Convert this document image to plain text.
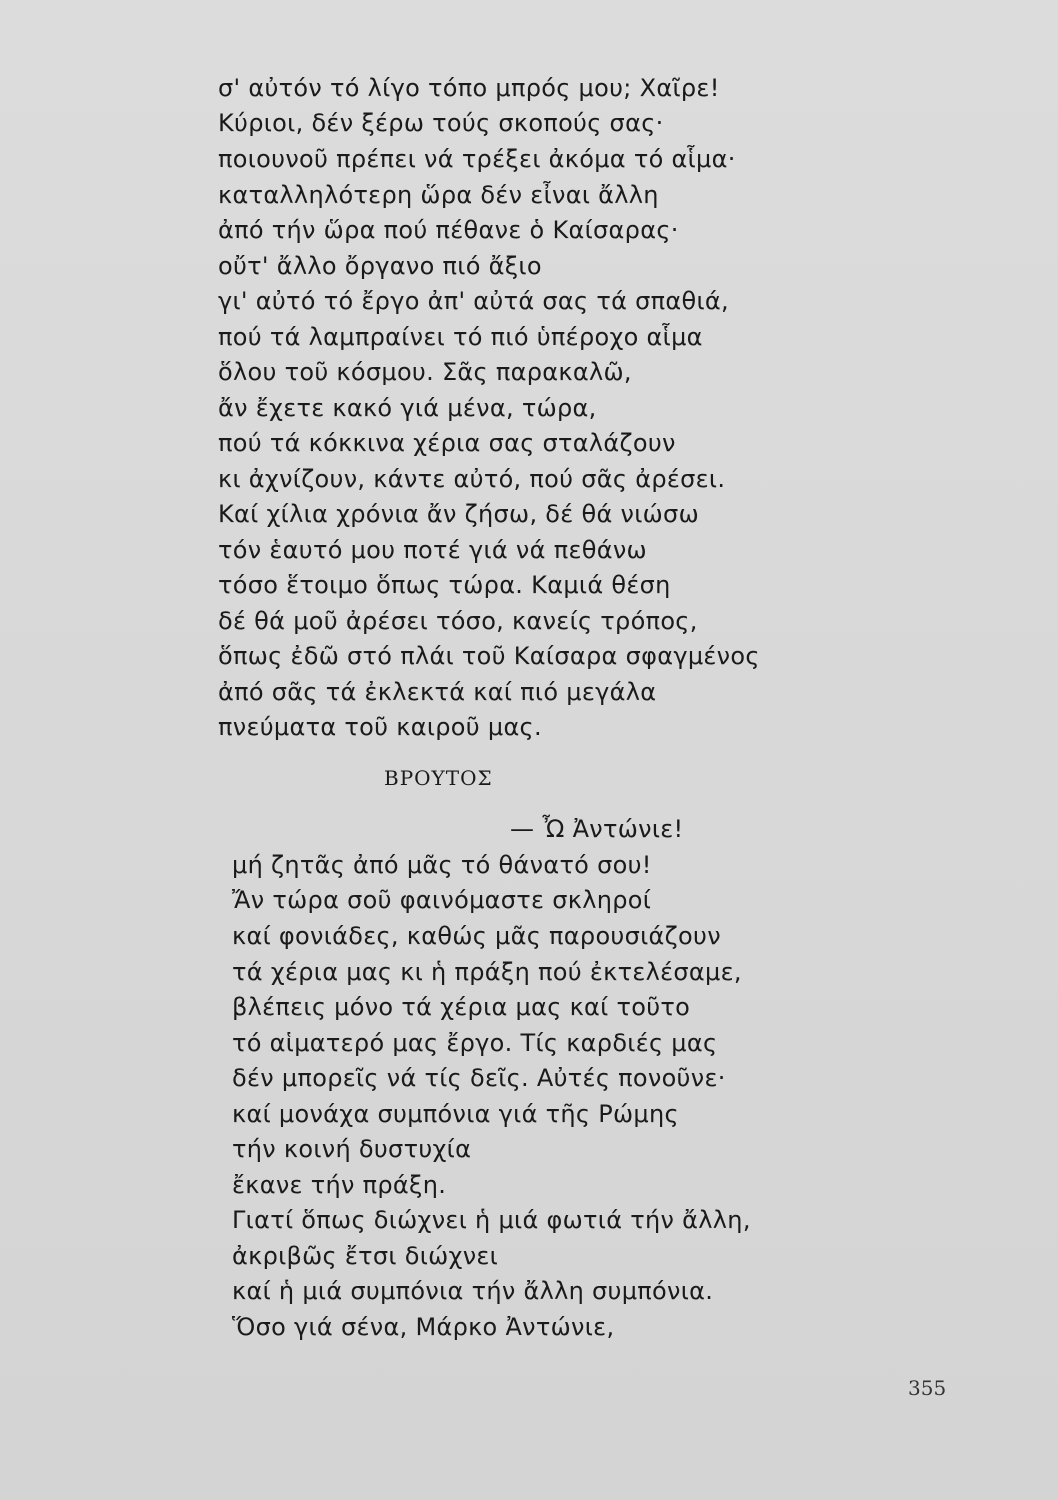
σ' αὐτόν τό λίγο τόπο μπρός μου; Χαῖρε!
Κύριοι, δέν ξέρω τούς σκοπούς σας·
ποιουνοῦ πρέπει νά τρέξει ἀκόμα τό αἷμα·
καταλληλότερη ὥρα δέν εἶναι ἄλλη
ἀπό τήν ὥρα πού πέθανε ὁ Καίσαρας·
οὔτ' ἄλλο ὄργανο πιό ἄξιο
γι' αὐτό τό ἔργο ἀπ' αὐτά σας τά σπαθιά,
πού τά λαμπραίνει τό πιό ὑπέροχο αἷμα
ὅλου τοῦ κόσμου. Σᾶς παρακαλῶ,
ἄν ἔχετε κακό γιά μένα, τώρα,
πού τά κόκκινα χέρια σας σταλάζουν
κι ἀχνίζουν, κάντε αὐτό, πού σᾶς ἀρέσει.
Καί χίλια χρόνια ἄν ζήσω, δέ θά νιώσω
τόν ἑαυτό μου ποτέ γιά νά πεθάνω
τόσο ἕτοιμο ὅπως τώρα. Καμιά θέση
δέ θά μοῦ ἀρέσει τόσο, κανείς τρόπος,
ὅπως ἐδῶ στό πλάι τοῦ Καίσαρα σφαγμένος
ἀπό σᾶς τά ἐκλεκτά καί πιό μεγάλα
πνεύματα τοῦ καιροῦ μας.
ΒΡΟΥΤΟΣ
— Ὦ Ἀντώνιε!
μή ζητᾶς ἀπό μᾶς τό θάνατό σου!
Ἄν τώρα σοῦ φαινόμαστε σκληροί
καί φονιάδες, καθώς μᾶς παρουσιάζουν
τά χέρια μας κι ἡ πράξη πού ἐκτελέσαμε,
βλέπεις μόνο τά χέρια μας καί τοῦτο
τό αἱματερό μας ἔργο. Τίς καρδιές μας
δέν μπορεῖς νά τίς δεῖς. Αὐτές πονοῦνε·
καί μονάχα συμπόνια γιά τῆς Ρώμης
τήν κοινή δυστυχία
ἔκανε τήν πράξη.
Γιατί ὅπως διώχνει ἡ μιά φωτιά τήν ἄλλη,
ἀκριβῶς ἔτσι διώχνει
καί ἡ μιά συμπόνια τήν ἄλλη συμπόνια.
Ὅσο γιά σένα, Μάρκο Ἀντώνιε,
355
